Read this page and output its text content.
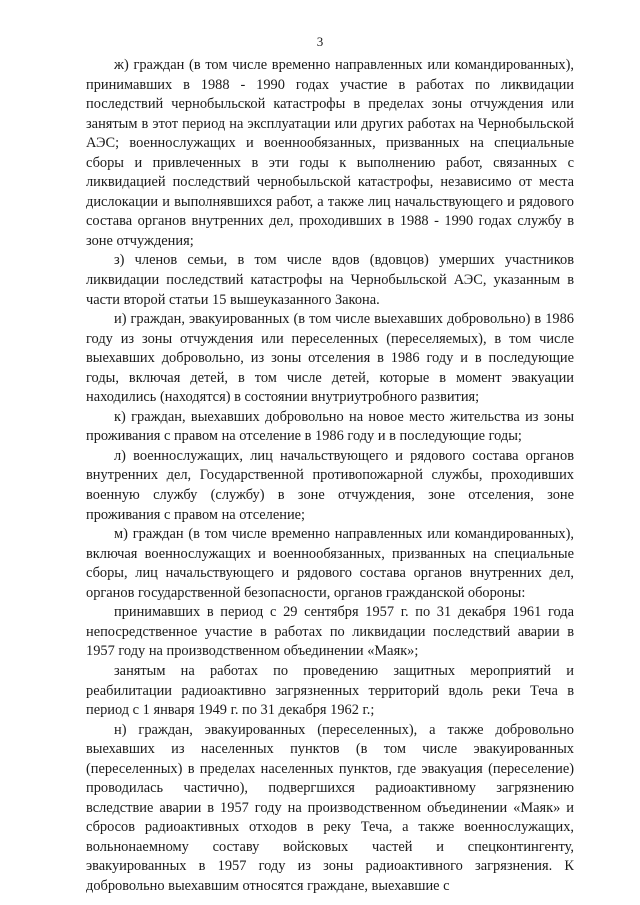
3

ж) граждан (в том числе временно направленных или командированных), принимавших в 1988 - 1990 годах участие в работах по ликвидации последствий чернобыльской катастрофы в пределах зоны отчуждения или занятым в этот период на эксплуатации или других работах на Чернобыльской АЭС; военнослужащих и военнообязанных, призванных на специальные сборы и привлеченных в эти годы к выполнению работ, связанных с ликвидацией последствий чернобыльской катастрофы, независимо от места дислокации и выполнявшихся работ, а также лиц начальствующего и рядового состава органов внутренних дел, проходивших в 1988 - 1990 годах службу в зоне отчуждения;

з) членов семьи, в том числе вдов (вдовцов) умерших участников ликвидации последствий катастрофы на Чернобыльской АЭС, указанным в части второй статьи 15 вышеуказанного Закона.

и) граждан, эвакуированных (в том числе выехавших добровольно) в 1986 году из зоны отчуждения или переселенных (переселяемых), в том числе выехавших добровольно, из зоны отселения в 1986 году и в последующие годы, включая детей, в том числе детей, которые в момент эвакуации находились (находятся) в состоянии внутриутробного развития;

к) граждан, выехавших добровольно на новое место жительства из зоны проживания с правом на отселение в 1986 году и в последующие годы;

л) военнослужащих, лиц начальствующего и рядового состава органов внутренних дел, Государственной противопожарной службы, проходивших военную службу (службу) в зоне отчуждения, зоне отселения, зоне проживания с правом на отселение;

м) граждан (в том числе временно направленных или командированных), включая военнослужащих и военнообязанных, призванных на специальные сборы, лиц начальствующего и рядового состава органов внутренних дел, органов государственной безопасности, органов гражданской обороны:

принимавших в период с 29 сентября 1957 г. по 31 декабря 1961 года непосредственное участие в работах по ликвидации последствий аварии в 1957 году на производственном объединении «Маяк»;

занятым на работах по проведению защитных мероприятий и реабилитации радиоактивно загрязненных территорий вдоль реки Теча в период с 1 января 1949 г. по 31 декабря 1962 г.;

н) граждан, эвакуированных (переселенных), а также добровольно выехавших из населенных пунктов (в том числе эвакуированных (переселенных) в пределах населенных пунктов, где эвакуация (переселение) проводилась частично), подвергшихся радиоактивному загрязнению вследствие аварии в 1957 году на производственном объединении «Маяк» и сбросов радиоактивных отходов в реку Теча, а также военнослужащих, вольнонаемному составу войсковых частей и спецконтингенту, эвакуированных в 1957 году из зоны радиоактивного загрязнения. К добровольно выехавшим относятся граждане, выехавшие с
